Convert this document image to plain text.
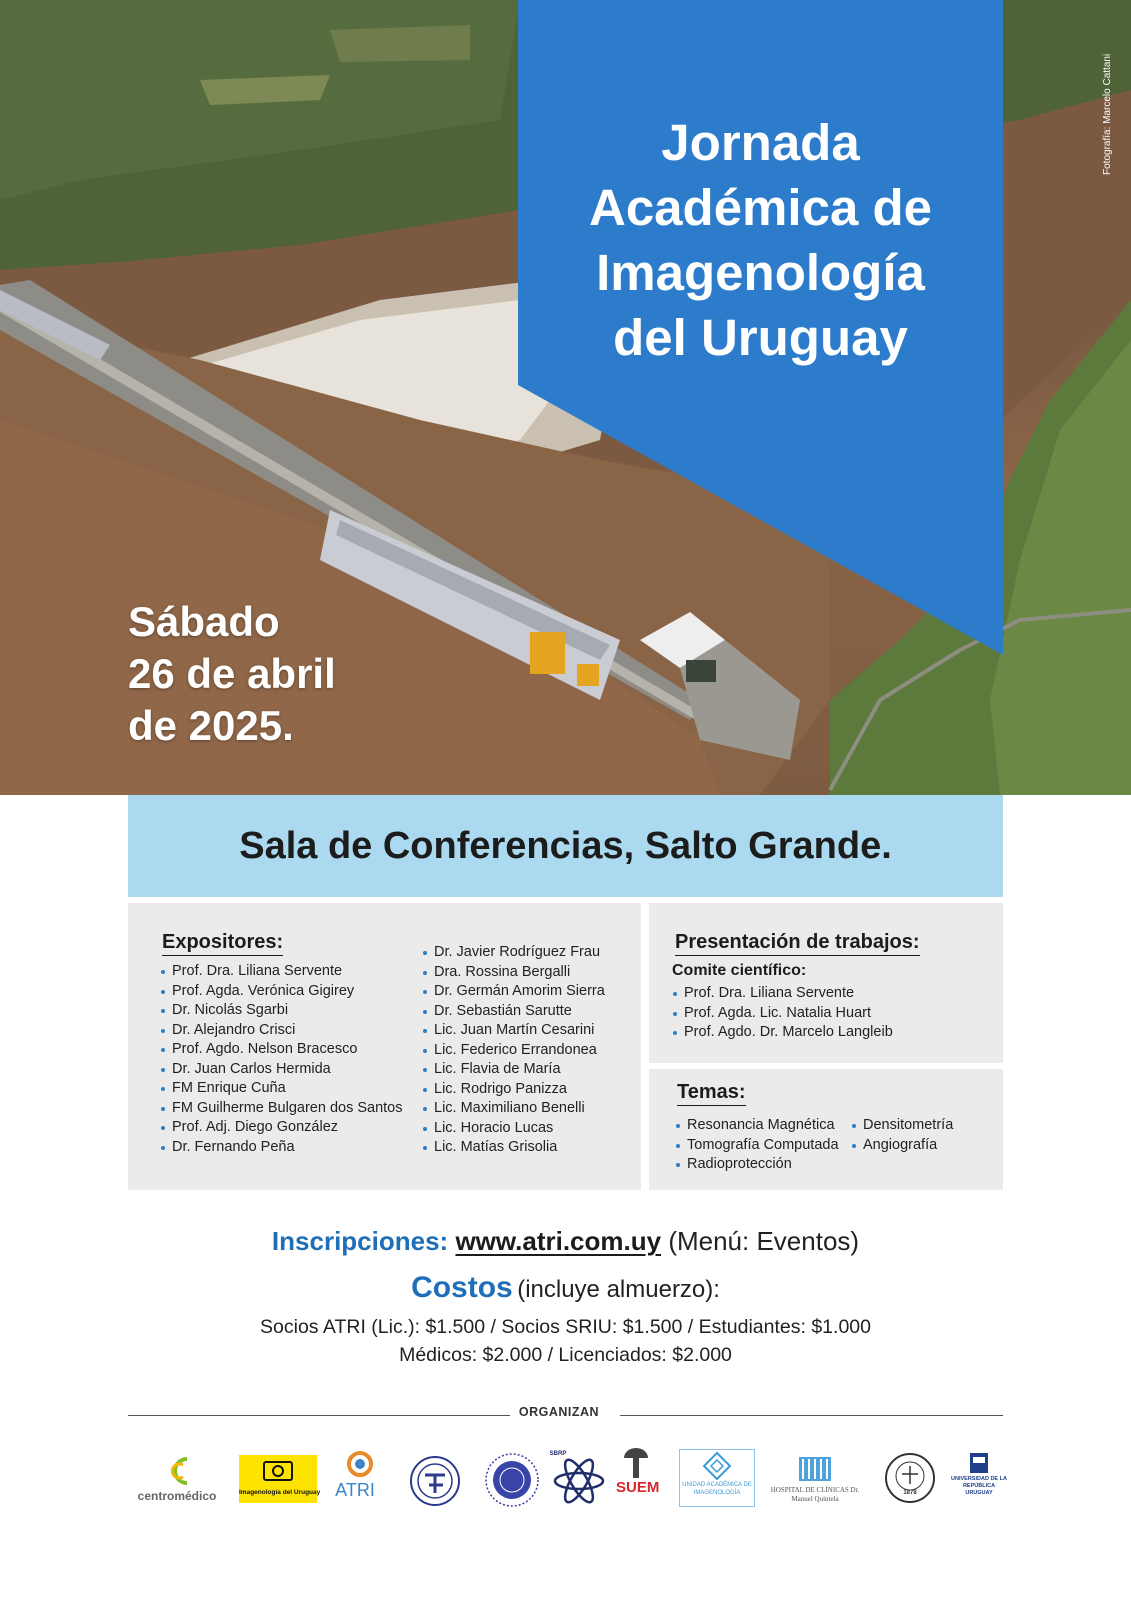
Jornada
Académica de
Imagenología
del Uruguay
Sábado
26 de abril
de 2025.
Fotografía: Marcelo Cattani
Sala de Conferencias, Salto Grande.
Expositores:
Prof. Dra. Liliana Servente
Prof. Agda. Verónica Gigirey
Dr. Nicolás Sgarbi
Dr. Alejandro Crisci
Prof. Agdo. Nelson Bracesco
Dr. Juan Carlos Hermida
FM Enrique Cuña
FM Guilherme Bulgaren dos Santos
Prof. Adj. Diego González
Dr. Fernando Peña
Dr. Javier Rodríguez Frau
Dra. Rossina Bergalli
Dr. Germán Amorim Sierra
Dr. Sebastián Sarutte
Lic. Juan Martín Cesarini
Lic. Federico Errandonea
Lic. Flavia de María
Lic. Rodrigo Panizza
Lic. Maximiliano Benelli
Lic. Horacio Lucas
Lic. Matías Grisolia
Presentación de trabajos:
Comite científico:
Prof. Dra. Liliana Servente
Prof. Agda. Lic. Natalia Huart
Prof. Agdo. Dr. Marcelo Langleib
Temas:
Resonancia Magnética
Tomografía Computada
Radioprotección
Densitometría
Angiografía
Inscripciones: www.atri.com.uy (Menú: Eventos)
Costos (incluye almuerzo):
Socios ATRI (Lic.): $1.500 / Socios SRIU: $1.500 / Estudiantes: $1.000
Médicos: $2.000 / Licenciados: $2.000
ORGANIZAN
centromédico	Imagenología del Uruguay ATRI
SBRP
SUEM	UNIDAD ACADÉMICA DE IMAGENOLOGÍA	HOSPITAL DE CLÍNICAS Dr. Manuel Quintela
1878
UNIVERSIDAD DE LA REPÚBLICA URUGUAY
